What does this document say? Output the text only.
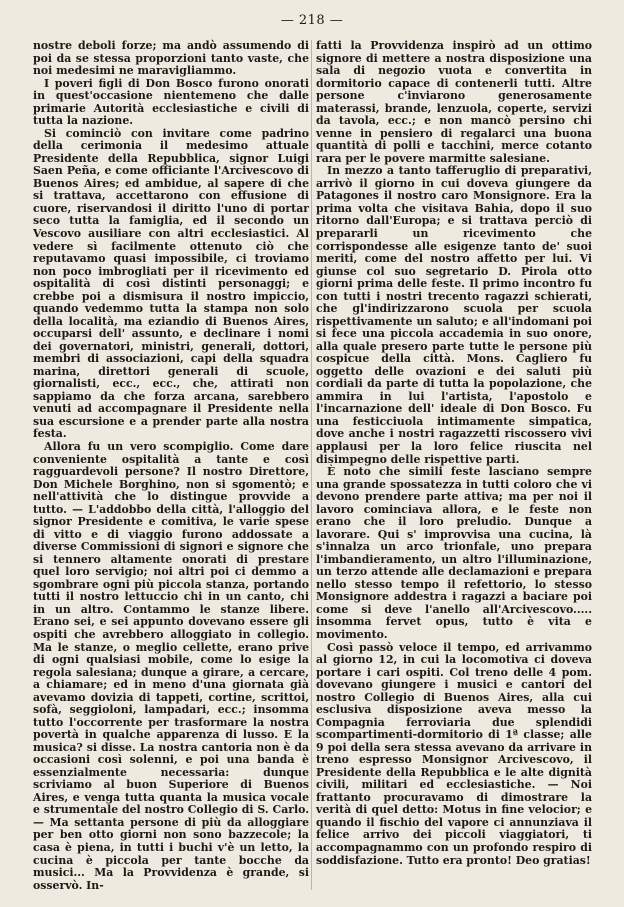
— 218 —

nostre deboli forze; ma andò assumendo di poi da se stessa proporzioni tanto vaste, che noi medesimi ne maravigliammo.

I poveri figli di Don Bosco furono onorati in quest'occasione nientemeno che dalle primarie Autorità ecclesiastiche e civili di tutta la nazione.

Si cominciò con invitare come padrino della cerimonia il medesimo attuale Presidente della Repubblica, signor Luigi Saen Peña, e come officiante l'Arcivescovo di Buenos Aires; ed ambidue, al sapere di che si trattava, accettarono con effusione di cuore, riservandosi il diritto l'uno di portar seco tutta la famiglia, ed il secondo un Vescovo ausiliare con altri ecclesiastici. Al vedere sì facilmente ottenuto ciò che reputavamo quasi impossibile, ci troviamo non poco imbrogliati per il ricevimento ed ospitalità di così distinti personaggi; e crebbe poi a dismisura il nostro impiccio, quando vedemmo tutta la stampa non solo della località, ma eziandio di Buenos Aires, occuparsi dell' assunto, e declinare i nomi dei governatori, ministri, generali, dottori, membri di associazioni, capi della squadra marina, direttori generali di scuole, giornalisti, ecc., ecc., che, attirati non sappiamo da che forza arcana, sarebbero venuti ad accompagnare il Presidente nella sua escursione e a prender parte alla nostra festa.

Allora fu un vero scompiglio. Come dare conveniente ospitalità a tante e così ragguardevoli persone? Il nostro Direttore, Don Michele Borghino, non si sgomentò; e nell'attività che lo distingue provvide a tutto. — L'addobbo della città, l'alloggio del signor Presidente e comitiva, le varie spese di vitto e di viaggio furono addossate a diverse Commissioni di signori e signore che si tennero altamente onorati di prestare quel loro servigio; noi altri poi ci demmo a sgombrare ogni più piccola stanza, portando tutti il nostro lettuccio chi in un canto, chi in un altro. Contammo le stanze libere. Erano sei, e sei appunto dovevano essere gli ospiti che avrebbero alloggiato in collegio. Ma le stanze, o meglio cellette, erano prive di ogni qualsiasi mobile, come lo esige la regola salesiana; dunque a girare, a cercare, a chiamare; ed in meno d'una giornata già avevamo dovizia di tappeti, cortine, scrittoi, sofà, seggioloni, lampadari, ecc.; insomma tutto l'occorrente per trasformare la nostra povertà in qualche apparenza di lusso. E la musica? si disse. La nostra cantoria non è da occasioni così solenni, e poi una banda è essenzialmente necessaria: dunque scriviamo al buon Superiore di Buenos Aires, e venga tutta quanta la musica vocale e strumentale del nostro Collegio di S. Carlo. — Ma settanta persone di più da alloggiare per ben otto giorni non sono bazzecole; la casa è piena, in tutti i buchi v'è un letto, la cucina è piccola per tante bocche da musici... Ma la Provvidenza è grande, si osservò. In-

fatti la Provvidenza inspirò ad un ottimo signore di mettere a nostra disposizione una sala di negozio vuota e convertita in dormitorio capace di contenerli tutti. Altre persone c'inviarono generosamente materassi, brande, lenzuola, coperte, servizi da tavola, ecc.; e non mancò persino chi venne in pensiero di regalarci una buona quantità di polli e tacchini, merce cotanto rara per le povere marmitte salesiane.

In mezzo a tanto tafferuglio di preparativi, arrivò il giorno in cui doveva giungere da Patagones il nostro caro Monsignore. Era la prima volta che visitava Bahia, dopo il suo ritorno dall'Europa; e si trattava perciò di prepararli un ricevimento che corrispondesse alle esigenze tanto de' suoi meriti, come del nostro affetto per lui. Vi giunse col suo segretario D. Pirola otto giorni prima delle feste. Il primo incontro fu con tutti i nostri trecento ragazzi schierati, che gl'indirizzarono scuola per scuola rispettivamente un saluto; e all'indomani poi si fece una piccola accademia in suo onore, alla quale presero parte tutte le persone più cospicue della città. Mons. Cagliero fu oggetto delle ovazioni e dei saluti più cordiali da parte di tutta la popolazione, che ammira in lui l'artista, l'apostolo e l'incarnazione dell' ideale di Don Bosco. Fu una festicciuola intimamente simpatica, dove anche i nostri ragazzetti riscossero vivi applausi per la loro felice riuscita nel disimpegno delle rispettive parti.

È noto che simili feste lasciano sempre una grande spossatezza in tutti coloro che vi devono prendere parte attiva; ma per noi il lavoro cominciava allora, e le feste non erano che il loro preludio. Dunque a lavorare. Qui s' improvvisa una cucina, là s'innalza un arco trionfale, uno prepara l'imbandieramento, un altro l'illuminazione, un terzo attende alle declamazioni e prepara nello stesso tempo il refettorio, lo stesso Monsignore addestra i ragazzi a baciare poi come si deve l'anello all'Arcivescovo..... insomma fervet opus, tutto è vita e movimento.

Così passò veloce il tempo, ed arrivammo al giorno 12, in cui la locomotiva ci doveva portare i cari ospiti. Col treno delle 4 pom. dovevano giungere i musici e cantori del nostro Collegio di Buenos Aires, alla cui esclusiva disposizione aveva messo la Compagnia ferroviaria due splendidi scompartimenti-dormitorio di 1ª classe; alle 9 poi della sera stessa avevano da arrivare in treno espresso Monsignor Arcivescovo, il Presidente della Repubblica e le alte dignità civili, militari ed ecclesiastiche. — Noi frattanto procuravamo di dimostrare la verità di quel detto: Motus in fine velocior; e quando il fischio del vapore ci annunziava il felice arrivo dei piccoli viaggiatori, ti accompagnammo con un profondo respiro di soddisfazione. Tutto era pronto! Deo gratias!
